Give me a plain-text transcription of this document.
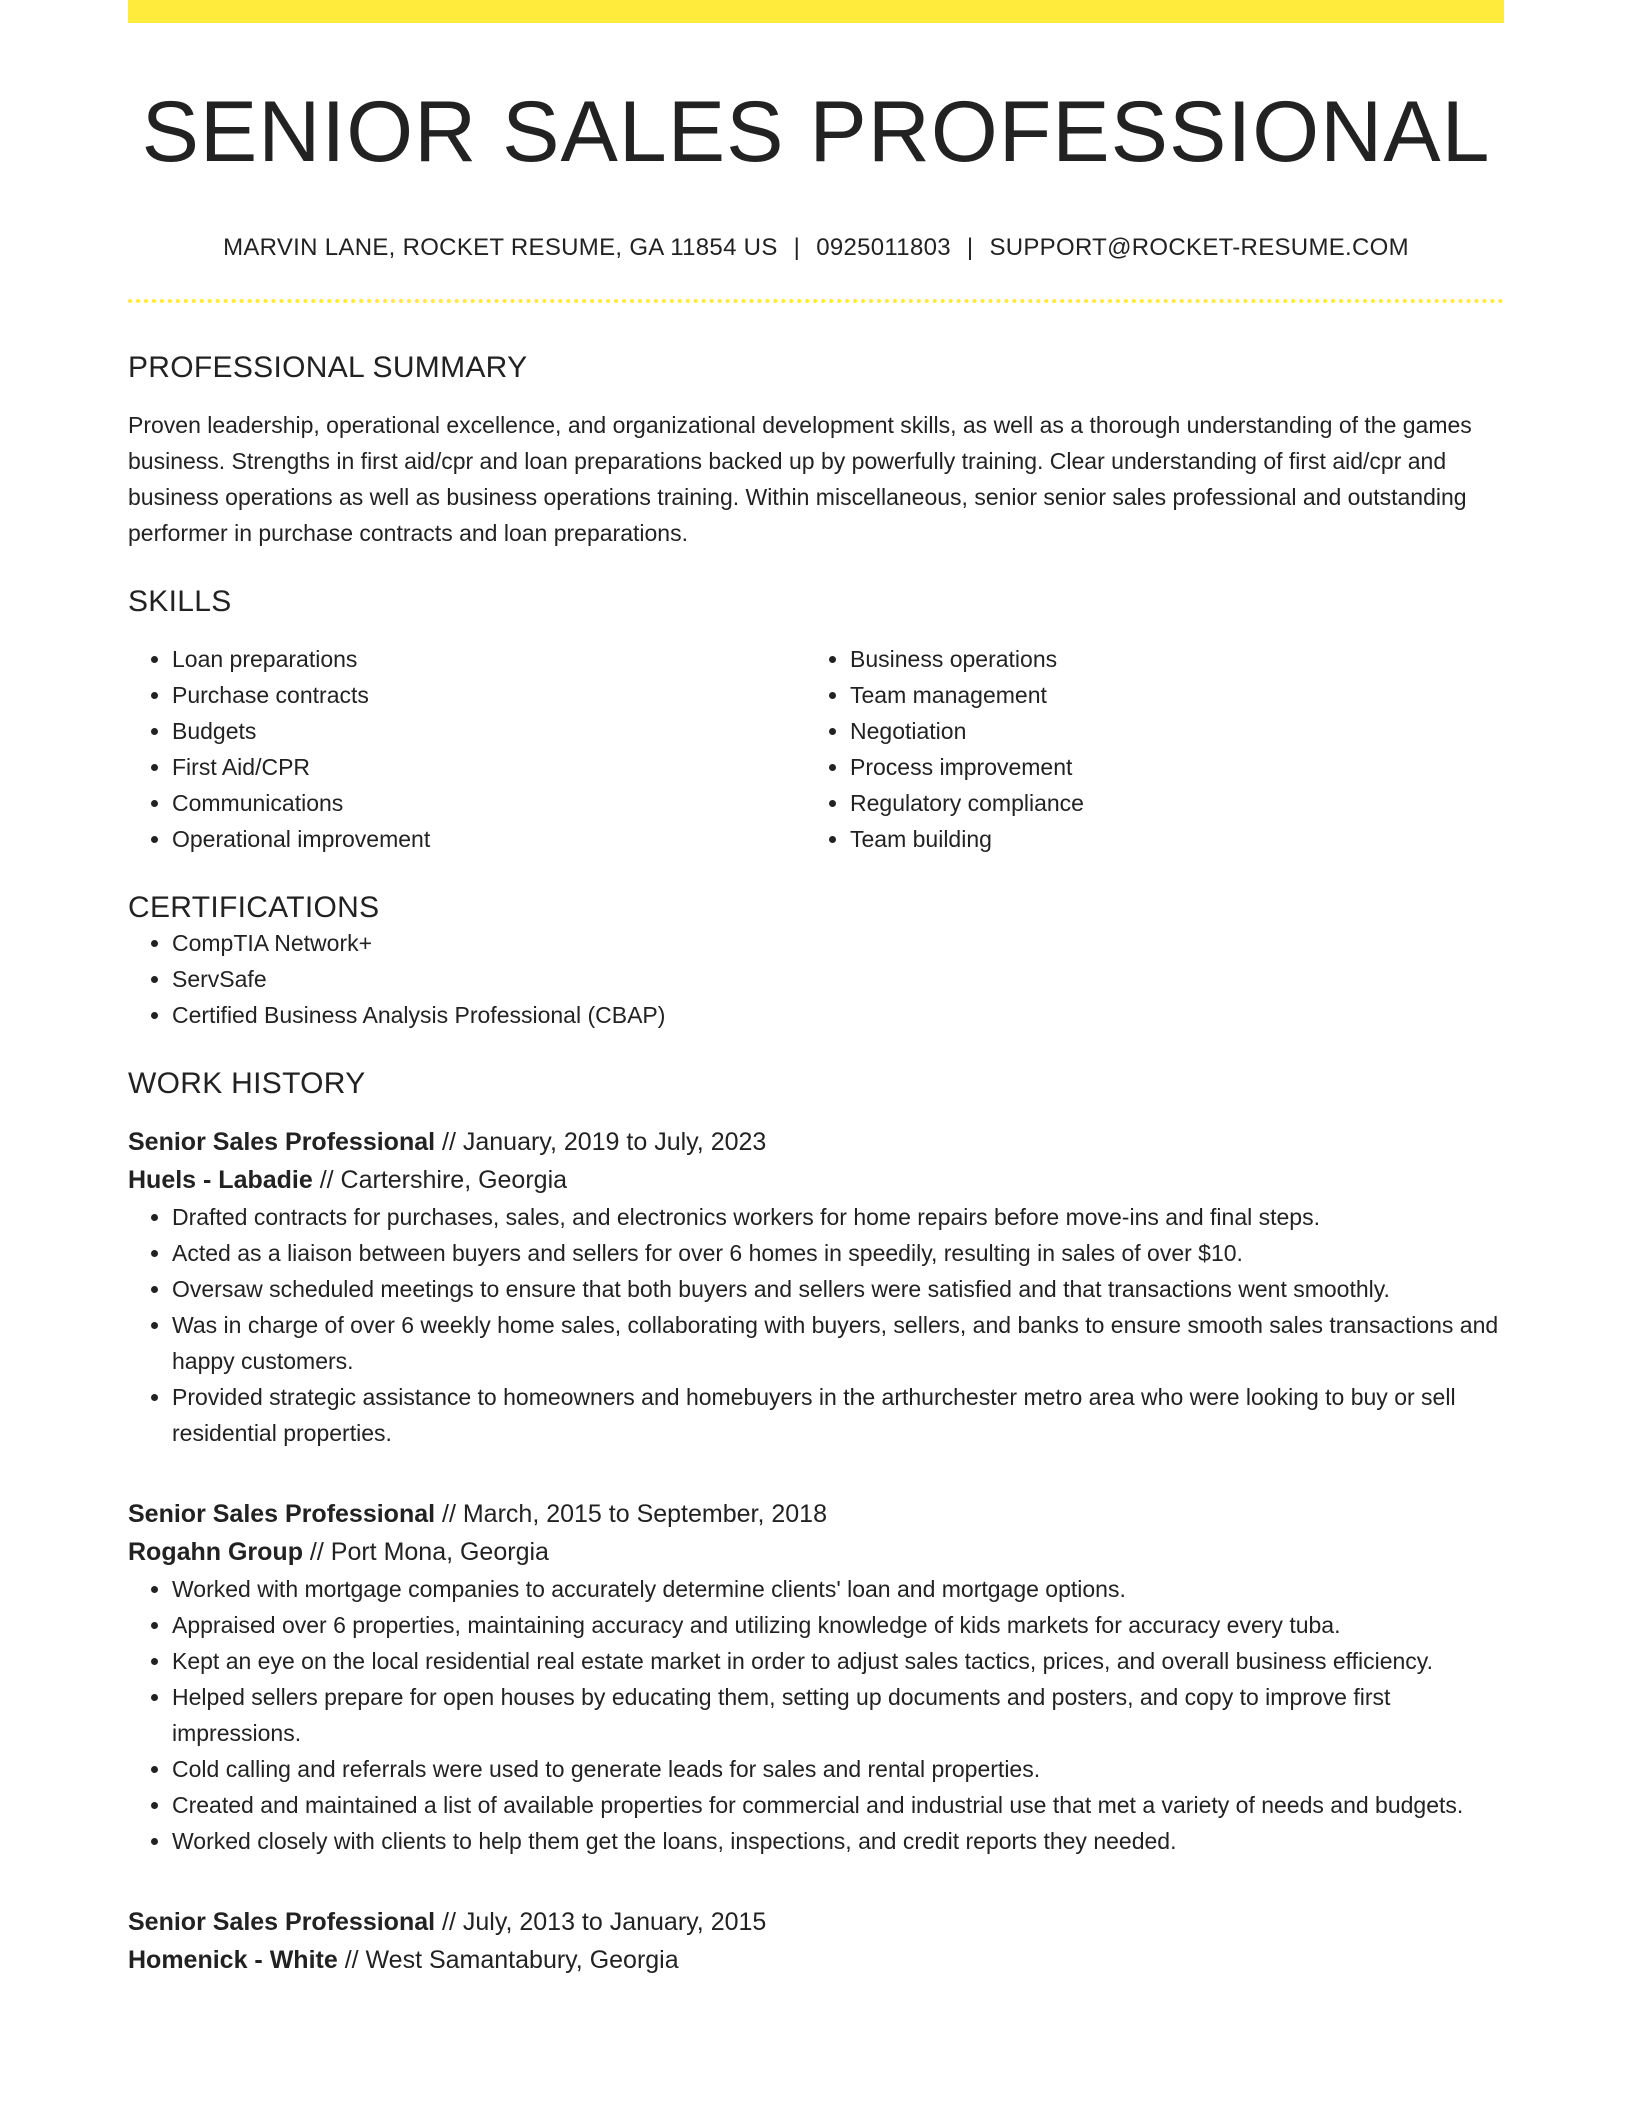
SENIOR SALES PROFESSIONAL
MARVIN LANE, ROCKET RESUME, GA 11854 US | 0925011803 | SUPPORT@ROCKET-RESUME.COM
PROFESSIONAL SUMMARY
Proven leadership, operational excellence, and organizational development skills, as well as a thorough understanding of the games business. Strengths in first aid/cpr and loan preparations backed up by powerfully training. Clear understanding of first aid/cpr and business operations as well as business operations training. Within miscellaneous, senior senior sales professional and outstanding performer in purchase contracts and loan preparations.
SKILLS
• Loan preparations
• Purchase contracts
• Budgets
• First Aid/CPR
• Communications
• Operational improvement
• Business operations
• Team management
• Negotiation
• Process improvement
• Regulatory compliance
• Team building
CERTIFICATIONS
• CompTIA Network+
• ServSafe
• Certified Business Analysis Professional (CBAP)
WORK HISTORY
Senior Sales Professional // January, 2019 to July, 2023
Huels - Labadie // Cartershire, Georgia
• Drafted contracts for purchases, sales, and electronics workers for home repairs before move-ins and final steps.
• Acted as a liaison between buyers and sellers for over 6 homes in speedily, resulting in sales of over $10.
• Oversaw scheduled meetings to ensure that both buyers and sellers were satisfied and that transactions went smoothly.
• Was in charge of over 6 weekly home sales, collaborating with buyers, sellers, and banks to ensure smooth sales transactions and happy customers.
• Provided strategic assistance to homeowners and homebuyers in the arthurchester metro area who were looking to buy or sell residential properties.
Senior Sales Professional // March, 2015 to September, 2018
Rogahn Group // Port Mona, Georgia
• Worked with mortgage companies to accurately determine clients' loan and mortgage options.
• Appraised over 6 properties, maintaining accuracy and utilizing knowledge of kids markets for accuracy every tuba.
• Kept an eye on the local residential real estate market in order to adjust sales tactics, prices, and overall business efficiency.
• Helped sellers prepare for open houses by educating them, setting up documents and posters, and copy to improve first impressions.
• Cold calling and referrals were used to generate leads for sales and rental properties.
• Created and maintained a list of available properties for commercial and industrial use that met a variety of needs and budgets.
• Worked closely with clients to help them get the loans, inspections, and credit reports they needed.
Senior Sales Professional // July, 2013 to January, 2015
Homenick - White // West Samantabury, Georgia
